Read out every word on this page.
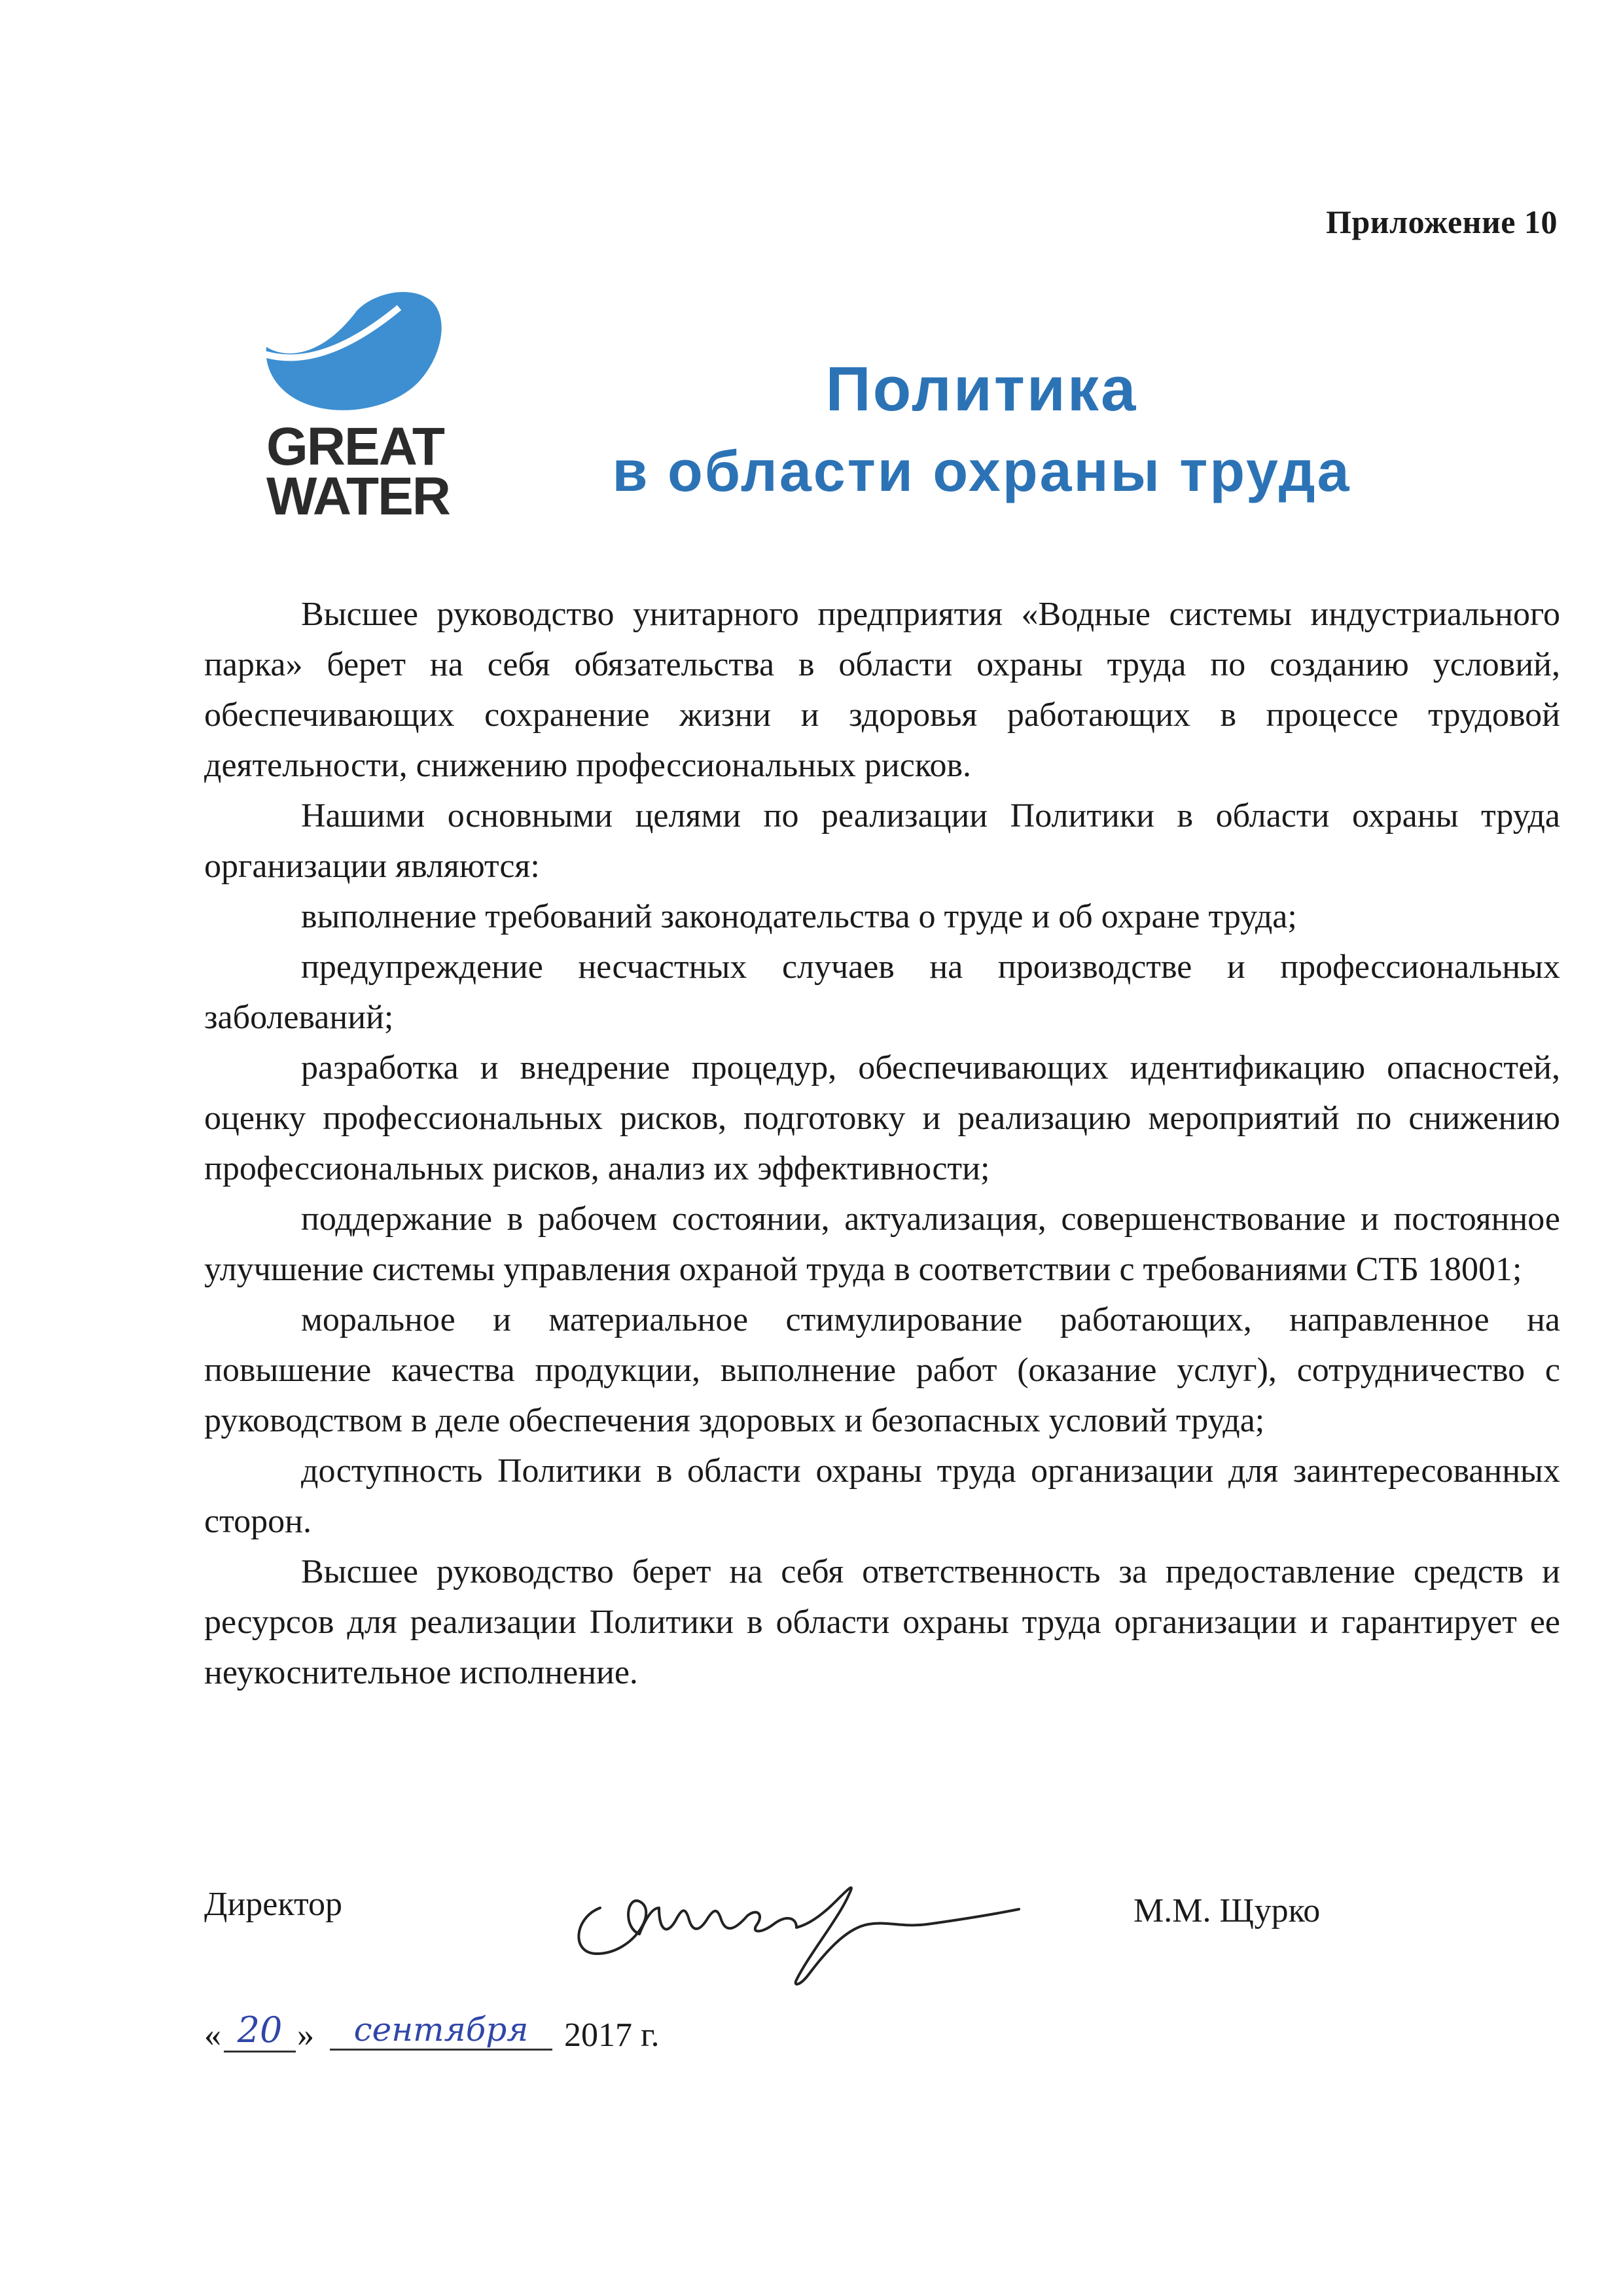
Приложение 10
GREAT
WATER
Политика
в области охраны труда

Высшее руководство унитарного предприятия «Водные системы индустриального парка» берет на себя обязательства в области охраны труда по созданию условий, обеспечивающих сохранение жизни и здоровья работающих в процессе трудовой деятельности, снижению профессиональных рисков.

Нашими основными целями по реализации Политики в области охраны труда организации являются:

выполнение требований законодательства о труде и об охране труда;

предупреждение несчастных случаев на производстве и профессиональных заболеваний;

разработка и внедрение процедур, обеспечивающих идентификацию опасностей, оценку профессиональных рисков, подготовку и реализацию мероприятий по снижению профессиональных рисков, анализ их эффективности;

поддержание в рабочем состоянии, актуализация, совершенствование и постоянное улучшение системы управления охраной труда в соответствии с требованиями СТБ 18001;

моральное и материальное стимулирование работающих, направленное на повышение качества продукции, выполнение работ (оказание услуг), сотрудничество с руководством в деле обеспечения здоровых и безопасных условий труда;

доступность Политики в области охраны труда организации для заинтересованных сторон.

Высшее руководство берет на себя ответственность за предоставление средств и ресурсов для реализации Политики в области охраны труда организации и гарантирует ее неукоснительное исполнение.

Директор	М.М. Щурко
« 20 »	сентября	2017 г.
